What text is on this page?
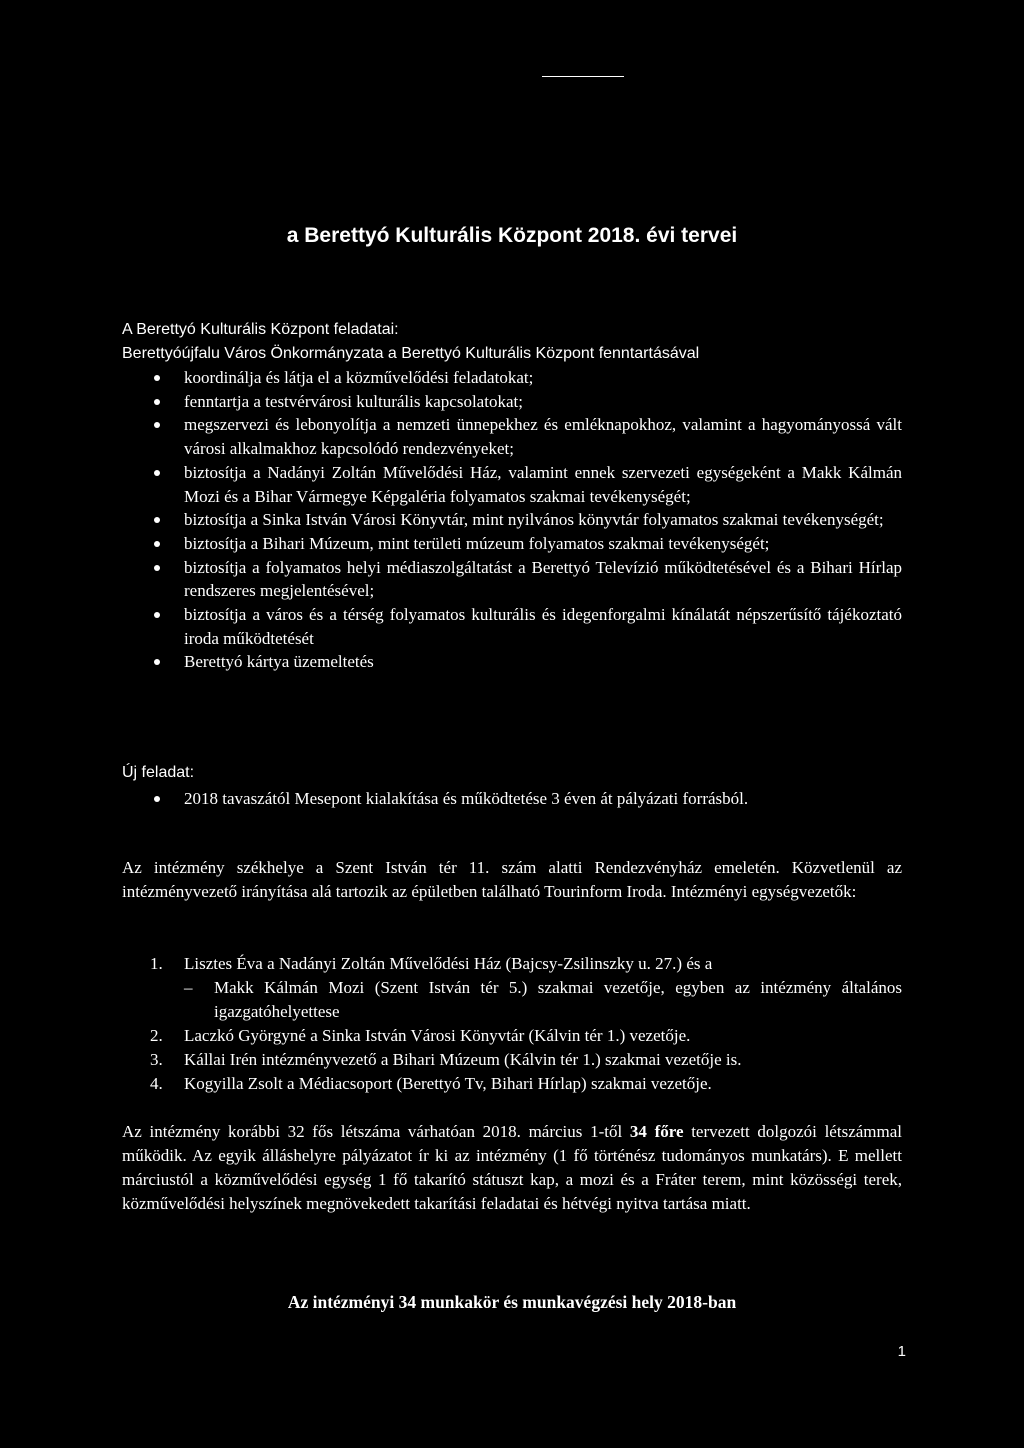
a Berettyó Kulturális Központ 2018. évi tervei

A Berettyó Kulturális Központ feladatai:

Berettyóújfalu Város Önkormányzata a Berettyó Kulturális Központ fenntartásával

koordinálja és látja el a közművelődési feladatokat;
fenntartja a testvérvárosi kulturális kapcsolatokat;
megszervezi és lebonyolítja a nemzeti ünnepekhez és emléknapokhoz, valamint a hagyományossá vált városi alkalmakhoz kapcsolódó rendezvényeket;
biztosítja a Nadányi Zoltán Művelődési Ház, valamint ennek szervezeti egységeként a Makk Kálmán Mozi és a Bihar Vármegye Képgaléria folyamatos szakmai tevékenységét;
biztosítja a Sinka István Városi Könyvtár, mint nyilvános könyvtár folyamatos szakmai tevékenységét;
biztosítja a Bihari Múzeum, mint területi múzeum folyamatos szakmai tevékenységét;
biztosítja a folyamatos helyi médiaszolgáltatást a Berettyó Televízió működtetésével és a Bihari Hírlap rendszeres megjelentésével;
biztosítja a város és a térség folyamatos kulturális és idegenforgalmi kínálatát népszerűsítő tájékoztató iroda működtetését
Berettyó kártya üzemeltetés

Új feladat:

2018 tavaszától Mesepont kialakítása és működtetése 3 éven át pályázati forrásból.

Az intézmény székhelye a Szent István tér 11. szám alatti Rendezvényház emeletén. Közvetlenül az intézményvezető irányítása alá tartozik az épületben található Tourinform Iroda. Intézményi egységvezetők:

1. Lisztes Éva a Nadányi Zoltán Művelődési Ház (Bajcsy-Zsilinszky u. 27.) és a
– Makk Kálmán Mozi (Szent István tér 5.) szakmai vezetője, egyben az intézmény általános igazgatóhelyettese
2. Laczkó Györgyné a Sinka István Városi Könyvtár (Kálvin tér 1.) vezetője.
3. Kállai Irén intézményvezető a Bihari Múzeum (Kálvin tér 1.) szakmai vezetője is.
4. Kogyilla Zsolt a Médiacsoport (Berettyó Tv, Bihari Hírlap) szakmai vezetője.

Az intézmény korábbi 32 fős létszáma várhatóan 2018. március 1-től 34 főre tervezett dolgozói létszámmal működik. Az egyik álláshelyre pályázatot ír ki az intézmény (1 fő történész tudományos munkatárs). E mellett márciustól a közművelődési egység 1 fő takarító státuszt kap, a mozi és a Fráter terem, mint közösségi terek, közművelődési helyszínek megnövekedett takarítási feladatai és hétvégi nyitva tartása miatt.

Az intézményi 34 munkakör és munkavégzési hely 2018-ban
1
